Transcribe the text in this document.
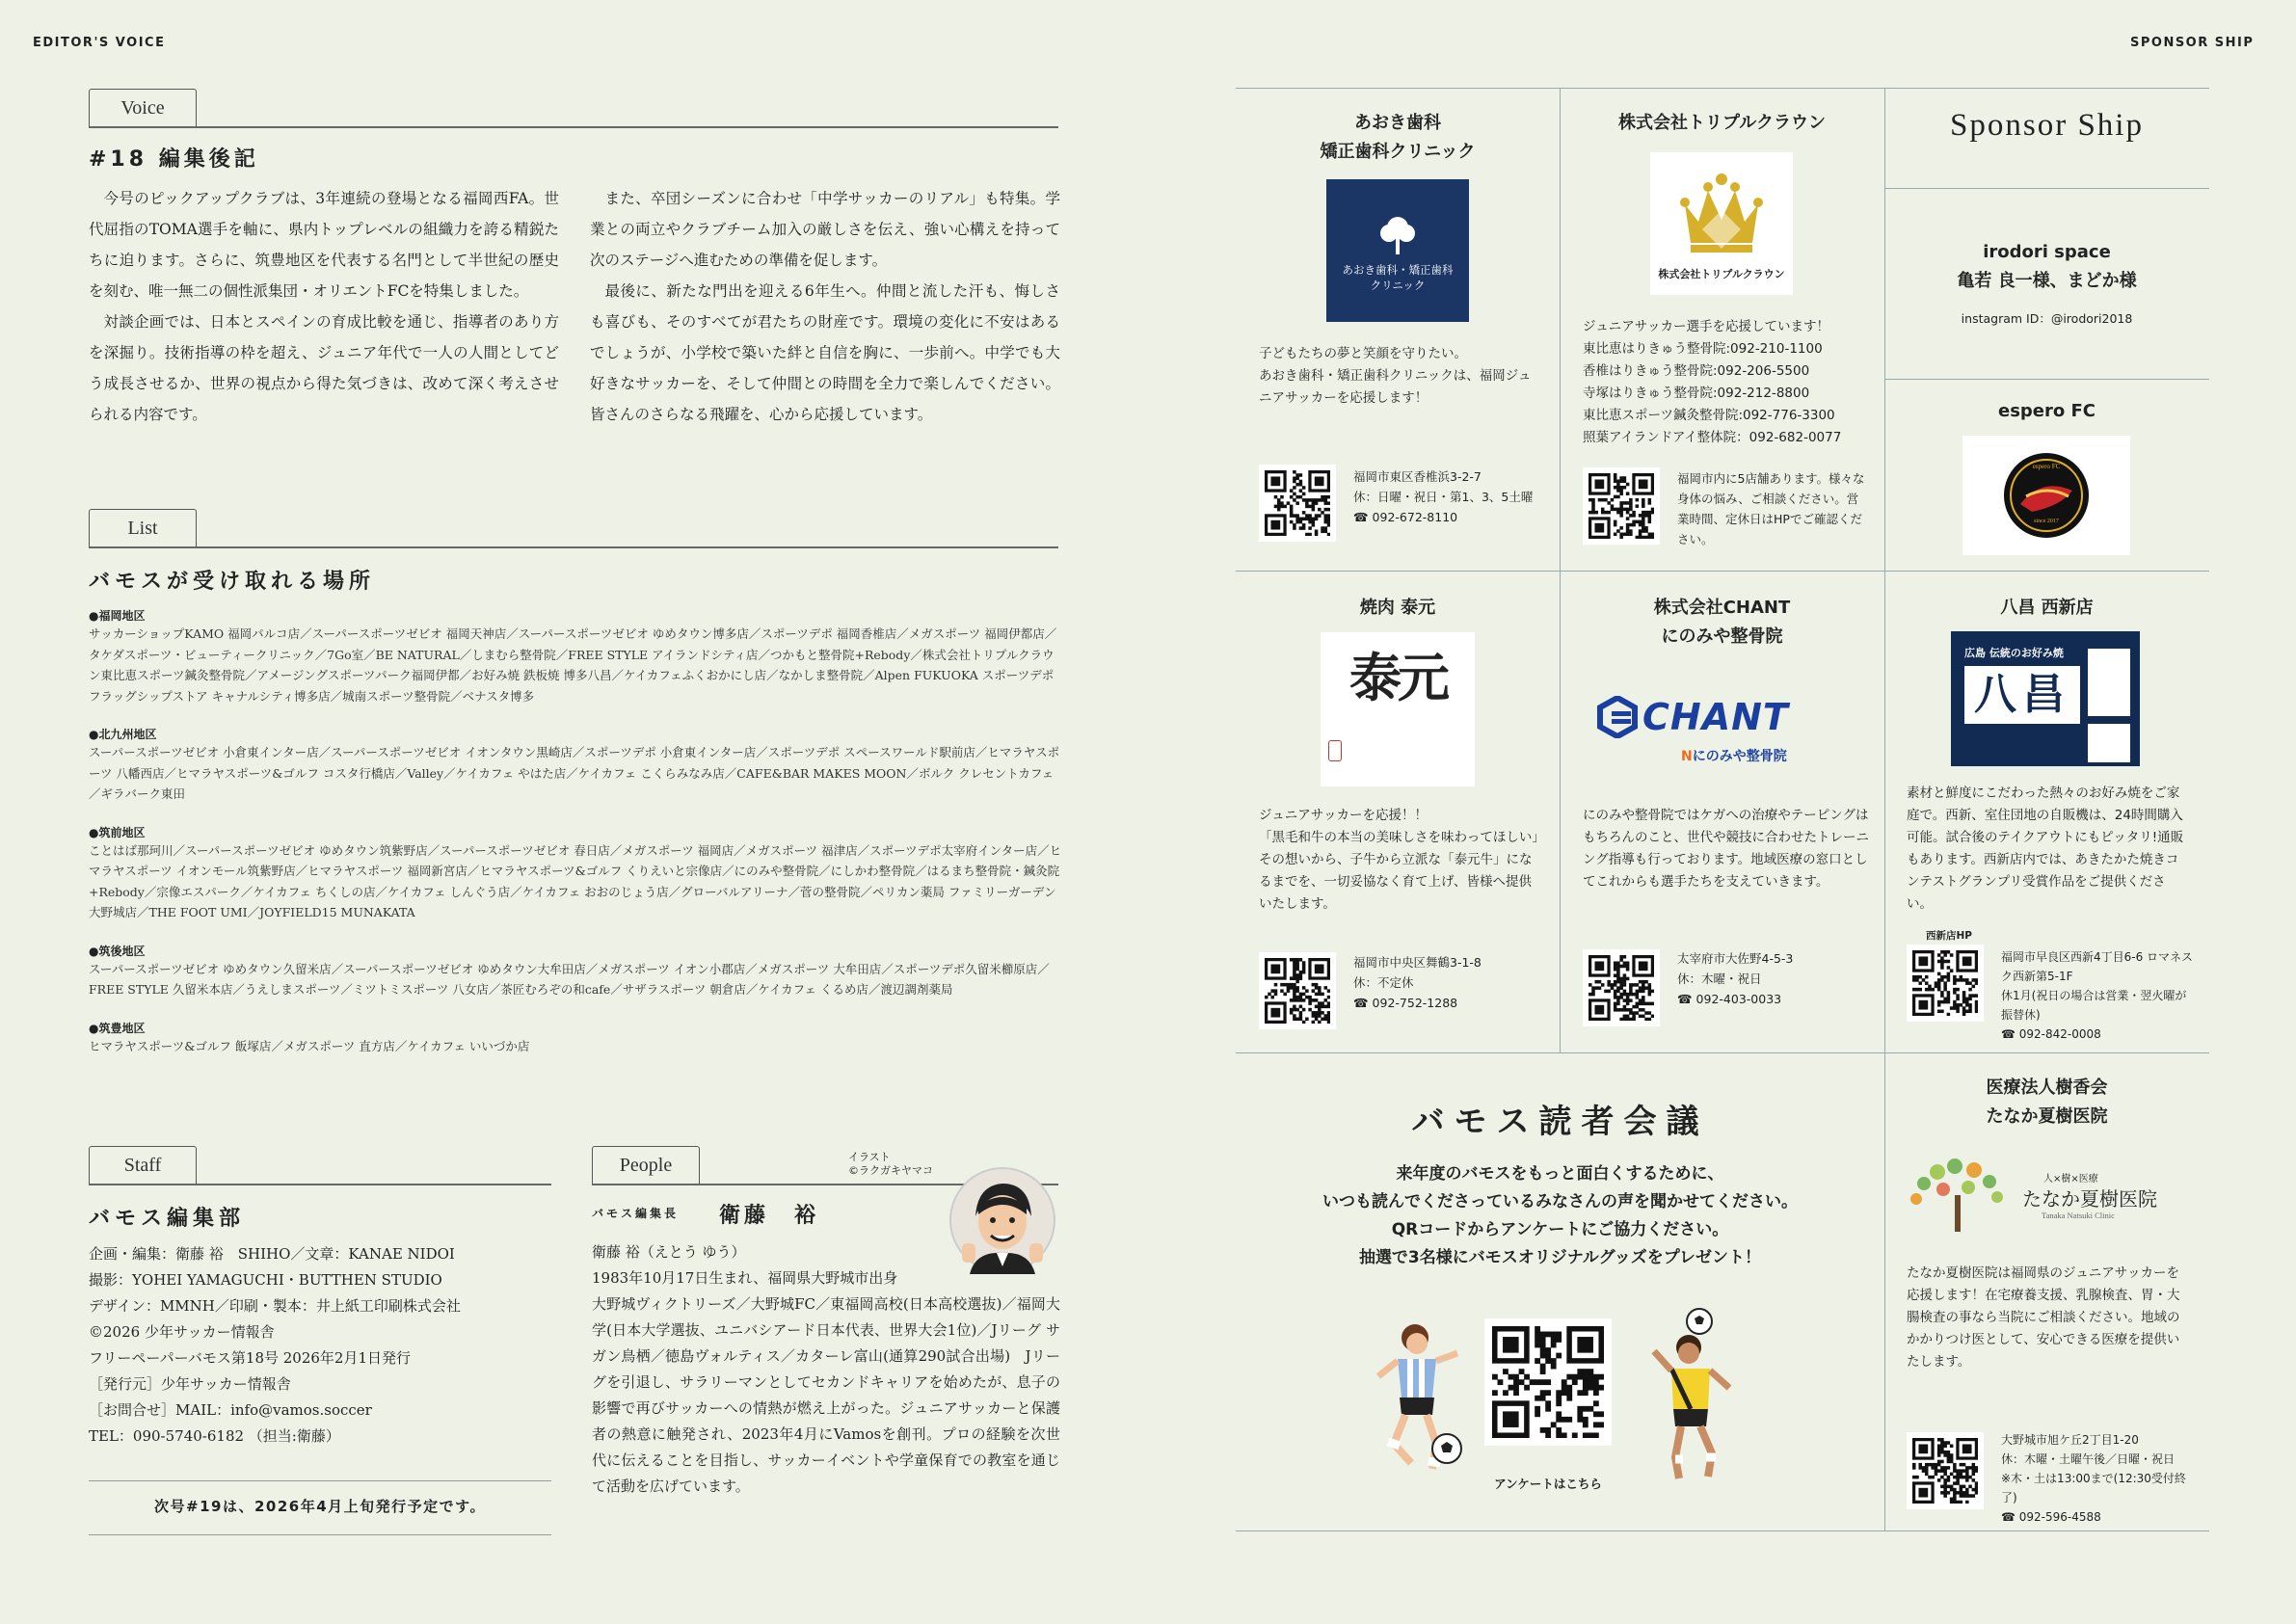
EDITOR'S VOICE	SPONSOR SHIP
Voice
#18 編集後記

今号のピックアップクラブは、3年連続の登場となる福岡西FA。世代屈指のTOMA選手を軸に、県内トップレベルの組織力を誇る精鋭たちに迫ります。さらに、筑豊地区を代表する名門として半世紀の歴史を刻む、唯一無二の個性派集団・オリエントFCを特集しました。

対談企画では、日本とスペインの育成比較を通じ、指導者のあり方を深掘り。技術指導の枠を超え、ジュニア年代で一人の人間としてどう成長させるか、世界の視点から得た気づきは、改めて深く考えさせられる内容です。

また、卒団シーズンに合わせ「中学サッカーのリアル」も特集。学業との両立やクラブチーム加入の厳しさを伝え、強い心構えを持って次のステージへ進むための準備を促します。

最後に、新たな門出を迎える6年生へ。仲間と流した汗も、悔しさも喜びも、そのすべてが君たちの財産です。環境の変化に不安はあるでしょうが、小学校で築いた絆と自信を胸に、一歩前へ。中学でも大好きなサッカーを、そして仲間との時間を全力で楽しんでください。皆さんのさらなる飛躍を、心から応援しています。

List
バモスが受け取れる場所
●福岡地区
サッカーショップKAMO 福岡パルコ店／スーパースポーツゼビオ 福岡天神店／スーパースポーツゼビオ ゆめタウン博多店／スポーツデポ 福岡香椎店／メガスポーツ 福岡伊都店／タケダスポーツ・ビューティークリニック／7Go室／BE NATURAL／しまむら整骨院／FREE STYLE アイランドシティ店／つかもと整骨院+Rebody／株式会社トリプルクラウン東比恵スポーツ鍼灸整骨院／アメージングスポーツパーク福岡伊都／お好み焼 鉄板焼 博多八昌／ケイカフェふくおかにし店／なかしま整骨院／Alpen FUKUOKA スポーツデポ フラッグシップストア キャナルシティ博多店／城南スポーツ整骨院／ベナスタ博多
●北九州地区
スーパースポーツゼビオ 小倉東インター店／スーパースポーツゼビオ イオンタウン黒崎店／スポーツデポ 小倉東インター店／スポーツデポ スペースワールド駅前店／ヒマラヤスポーツ 八幡西店／ヒマラヤスポーツ&ゴルフ コスタ行橋店／Valley／ケイカフェ やはた店／ケイカフェ こくらみなみ店／CAFE&BAR MAKES MOON／ボルク クレセントカフェ／ギラバーク東田
●筑前地区
ことはば那珂川／スーパースポーツゼビオ ゆめタウン筑紫野店／スーパースポーツゼビオ 春日店／メガスポーツ 福岡店／メガスポーツ 福津店／スポーツデポ太宰府インター店／ヒマラヤスポーツ イオンモール筑紫野店／ヒマラヤスポーツ 福岡新宮店／ヒマラヤスポーツ&ゴルフ くりえいと宗像店／にのみや整骨院／にしかわ整骨院／はるまち整骨院・鍼灸院+Rebody／宗像エスパーク／ケイカフェ ちくしの店／ケイカフェ しんぐう店／ケイカフェ おおのじょう店／グローバルアリーナ／菅の整骨院／ペリカン薬局 ファミリーガーデン大野城店／THE FOOT UMI／JOYFIELD15 MUNAKATA
●筑後地区
スーパースポーツゼビオ ゆめタウン久留米店／スーパースポーツゼビオ ゆめタウン大牟田店／メガスポーツ イオン小郡店／メガスポーツ 大牟田店／スポーツデポ久留米櫛原店／FREE STYLE 久留米本店／うえしまスポーツ／ミツトミスポーツ 八女店／茶匠むろぞの和cafe／サザラスポーツ 朝倉店／ケイカフェ くるめ店／渡辺調剤薬局
●筑豊地区
ヒマラヤスポーツ&ゴルフ 飯塚店／メガスポーツ 直方店／ケイカフェ いいづか店
Staff
バモス編集部
企画・編集：衛藤 裕　SHIHO／文章：KANAE NIDOI
撮影：YOHEI YAMAGUCHI・BUTTHEN STUDIO
デザイン：MMNH／印刷・製本：井上紙工印刷株式会社
©2026 少年サッカー情報舎
フリーペーパーバモス第18号 2026年2月1日発行
［発行元］少年サッカー情報舎
［お問合せ］MAIL：info@vamos.soccer
TEL：090-5740-6182 （担当:衛藤）
次号#19は、2026年4月上旬発行予定です。
People	イラスト
©ラクガキヤマコ
バモス編集長 衛藤　裕
衛藤 裕（えとう ゆう）
1983年10月17日生まれ、福岡県大野城市出身
大野城ヴィクトリーズ／大野城FC／東福岡高校(日本高校選抜)／福岡大学(日本大学選抜、ユニバシアード日本代表、世界大会1位)／Jリーグ サガン鳥栖／徳島ヴォルティス／カターレ富山(通算290試合出場)　Jリーグを引退し、サラリーマンとしてセカンドキャリアを始めたが、息子の影響で再びサッカーへの情熱が燃え上がった。ジュニアサッカーと保護者の熱意に触発され、2023年4月にVamosを創刊。プロの経験を次世代に伝えることを目指し、サッカーイベントや学童保育での教室を通じて活動を広げています。
あおき歯科
矯正歯科クリニック
あおき歯科・矯正歯科
クリニック
子どもたちの夢と笑顔を守りたい。
あおき歯科・矯正歯科クリニックは、福岡ジュニアサッカーを応援します！
福岡市東区香椎浜3-2-7
休：日曜・祝日・第1、3、5土曜
☎ 092-672-8110
株式会社トリプルクラウン
株式会社トリプルクラウン
ジュニアサッカー選手を応援しています！
東比恵はりきゅう整骨院:092-210-1100
香椎はりきゅう整骨院:092-206-5500
寺塚はりきゅう整骨院:092-212-8800
東比恵スポーツ鍼灸整骨院:092-776-3300
照葉アイランドアイ整体院：092-682-0077
福岡市内に5店舗あります。様々な身体の悩み、ご相談ください。営業時間、定休日はHPでご確認ください。
Sponsor Ship
irodori space
亀若 良一様、まどか様
instagram ID：@irodori2018
espero FC
espero FC
since 2017
焼肉 泰元
泰元
ジュニアサッカーを応援！！
「黒毛和牛の本当の美味しさを味わってほしい」その想いから、子牛から立派な「泰元牛」になるまでを、一切妥協なく育て上げ、皆様へ提供いたします。
福岡市中央区舞鶴3-1-8
休：不定休
☎ 092-752-1288
株式会社CHANT
にのみや整骨院
CHANT
Nにのみや整骨院
にのみや整骨院ではケガへの治療やテーピングはもちろんのこと、世代や競技に合わせたトレーニング指導も行っております。地域医療の窓口としてこれからも選手たちを支えていきます。
太宰府市大佐野4-5-3
休：木曜・祝日
☎ 092-403-0033
八昌 西新店
広島 伝統のお好み焼
八昌
素材と鮮度にこだわった熱々のお好み焼をご家庭で。西新、室住団地の自販機は、24時間購入可能。試合後のテイクアウトにもピッタリ!通販もあります。西新店内では、あきたかた焼きコンテストグランプリ受賞作品をご提供ください。
西新店HP
福岡市早良区西新4丁目6-6 ロマネスク西新第5-1F
休1月(祝日の場合は営業・翌火曜が振替休)
☎ 092-842-0008
バモス読者会議
来年度のバモスをもっと面白くするために、
いつも読んでくださっているみなさんの声を聞かせてください。
QRコードからアンケートにご協力ください。
抽選で3名様にバモスオリジナルグッズをプレゼント！
アンケートはこちら
医療法人樹香会
たなか夏樹医院
人×樹×医療
たなか夏樹医院
Tanaka Natsuki Clinic
たなか夏樹医院は福岡県のジュニアサッカーを応援します！在宅療養支援、乳腺検査、胃・大腸検査の事なら当院にご相談ください。地域のかかりつけ医として、安心できる医療を提供いたします。
大野城市旭ケ丘2丁目1-20
休：木曜・土曜午後／日曜・祝日
※木・土は13:00まで(12:30受付終了)
☎ 092-596-4588
